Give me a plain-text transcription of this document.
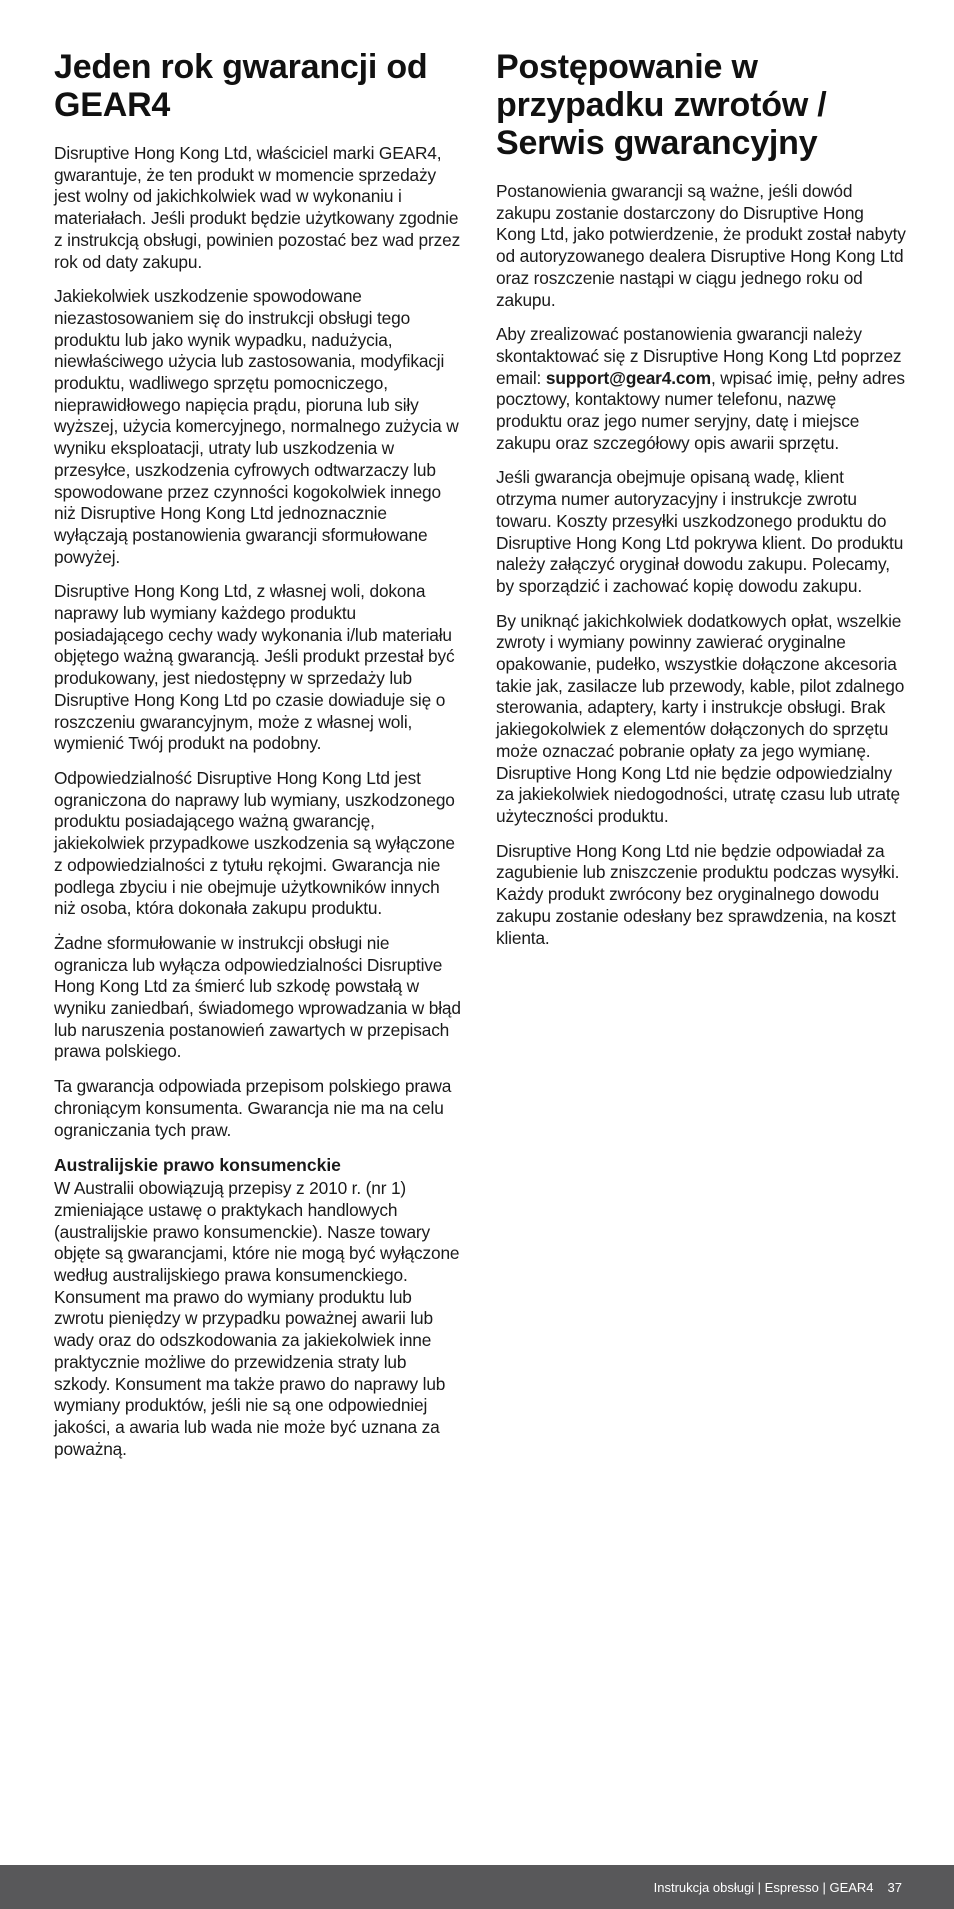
Jeden rok gwarancji od GEAR4

Disruptive Hong Kong Ltd, właściciel marki GEAR4, gwarantuje, że ten produkt w momencie sprzedaży jest wolny od jakichkolwiek wad w wykonaniu i materiałach. Jeśli produkt będzie użytkowany zgodnie z instrukcją obsługi, powinien pozostać bez wad przez rok od daty zakupu.

Jakiekolwiek uszkodzenie spowodowane niezastosowaniem się do instrukcji obsługi tego produktu lub jako wynik wypadku, nadużycia, niewłaściwego użycia lub zastosowania, modyfikacji produktu, wadliwego sprzętu pomocniczego, nieprawidłowego napięcia prądu, pioruna lub siły wyższej, użycia komercyjnego, normalnego zużycia w wyniku eksploatacji, utraty lub uszkodzenia w przesyłce, uszkodzenia cyfrowych odtwarzaczy lub spowodowane przez czynności kogokolwiek innego niż Disruptive Hong Kong Ltd jednoznacznie wyłączają postanowienia gwarancji sformułowane powyżej.

Disruptive Hong Kong Ltd, z własnej woli, dokona naprawy lub wymiany każdego produktu posiadającego cechy wady wykonania i/lub materiału objętego ważną gwarancją. Jeśli produkt przestał być produkowany, jest niedostępny w sprzedaży lub Disruptive Hong Kong Ltd po czasie dowiaduje się o roszczeniu gwarancyjnym, może z własnej woli, wymienić Twój produkt na podobny.

Odpowiedzialność Disruptive Hong Kong Ltd jest ograniczona do naprawy lub wymiany, uszkodzonego produktu posiadającego ważną gwarancję, jakiekolwiek przypadkowe uszkodzenia są wyłączone z odpowiedzialności z tytułu rękojmi. Gwarancja nie podlega zbyciu i nie obejmuje użytkowników innych niż osoba, która dokonała zakupu produktu.

Żadne sformułowanie w instrukcji obsługi nie ogranicza lub wyłącza odpowiedzialności Disruptive Hong Kong Ltd za śmierć lub szkodę powstałą w wyniku zaniedbań, świadomego wprowadzania w błąd lub naruszenia postanowień zawartych w przepisach prawa polskiego.

Ta gwarancja odpowiada przepisom polskiego prawa chroniącym konsumenta. Gwarancja nie ma na celu ograniczania tych praw.

Australijskie prawo konsumenckie

W Australii obowiązują przepisy z 2010 r. (nr 1) zmieniające ustawę o praktykach handlowych (australijskie prawo konsumenckie). Nasze towary objęte są gwarancjami, które nie mogą być wyłączone według australijskiego prawa konsumenckiego. Konsument ma prawo do wymiany produktu lub zwrotu pieniędzy w przypadku poważnej awarii lub wady oraz do odszkodowania za jakiekolwiek inne praktycznie możliwe do przewidzenia straty lub szkody. Konsument ma także prawo do naprawy lub wymiany produktów, jeśli nie są one odpowiedniej jakości, a awaria lub wada nie może być uznana za poważną.

Postępowanie w przypadku zwrotów / Serwis gwarancyjny

Postanowienia gwarancji są ważne, jeśli dowód zakupu zostanie dostarczony do Disruptive Hong Kong Ltd, jako potwierdzenie, że produkt został nabyty od autoryzowanego dealera Disruptive Hong Kong Ltd oraz roszczenie nastąpi w ciągu jednego roku od zakupu.

Aby zrealizować postanowienia gwarancji należy skontaktować się z Disruptive Hong Kong Ltd poprzez email: support@gear4.com, wpisać imię, pełny adres pocztowy, kontaktowy numer telefonu, nazwę produktu oraz jego numer seryjny, datę i miejsce zakupu oraz szczegółowy opis awarii sprzętu.

Jeśli gwarancja obejmuje opisaną wadę, klient otrzyma numer autoryzacyjny i instrukcje zwrotu towaru. Koszty przesyłki uszkodzonego produktu do Disruptive Hong Kong Ltd pokrywa klient. Do produktu należy załączyć oryginał dowodu zakupu. Polecamy, by sporządzić i zachować kopię dowodu zakupu.

By uniknąć jakichkolwiek dodatkowych opłat, wszelkie zwroty i wymiany powinny zawierać oryginalne opakowanie, pudełko, wszystkie dołączone akcesoria takie jak, zasilacze lub przewody, kable, pilot zdalnego sterowania, adaptery, karty i instrukcje obsługi. Brak jakiegokolwiek z elementów dołączonych do sprzętu może oznaczać pobranie opłaty za jego wymianę. Disruptive Hong Kong Ltd nie będzie odpowiedzialny za jakiekolwiek niedogodności, utratę czasu lub utratę użyteczności produktu.

Disruptive Hong Kong Ltd nie będzie odpowiadał za zagubienie lub zniszczenie produktu podczas wysyłki. Każdy produkt zwrócony bez oryginalnego dowodu zakupu zostanie odesłany bez sprawdzenia, na koszt klienta.

Instrukcja obsługi | Espresso | GEAR4 37
